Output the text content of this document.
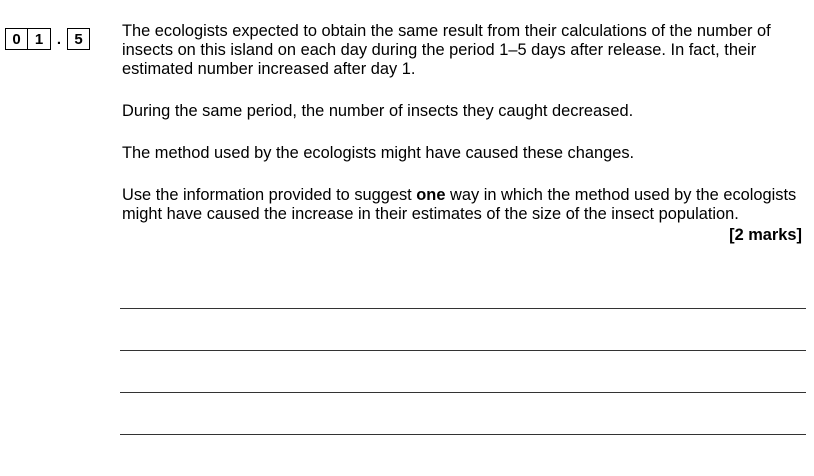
0 1 . 5	The ecologists expected to obtain the same result from their calculations of the number of insects on this island on each day during the period 1–5 days after release. In fact, their estimated number increased after day 1.

During the same period, the number of insects they caught decreased.

The method used by the ecologists might have caused these changes.

Use the information provided to suggest one way in which the method used by the ecologists might have caused the increase in their estimates of the size of the insect population.

[2 marks]
